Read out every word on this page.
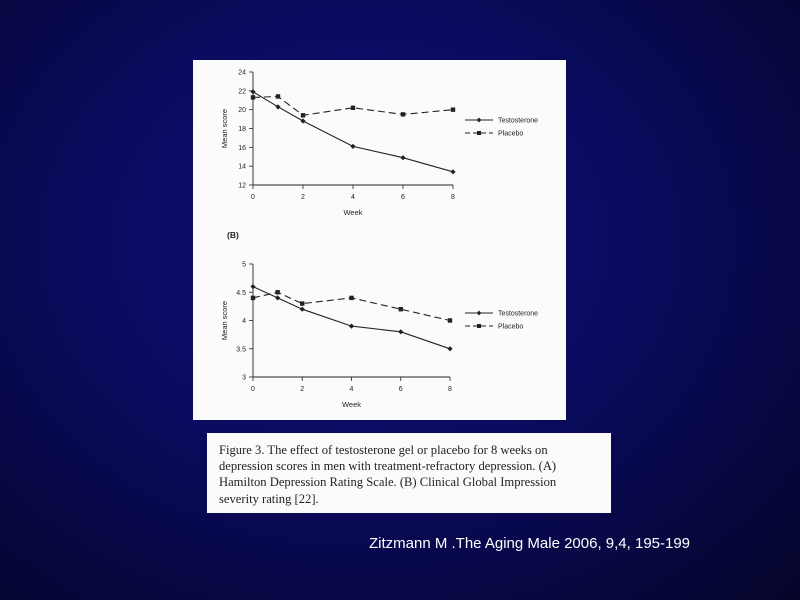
12
14
16
18
20
22
24
0	2	4	6	8
Week
Mean score	Testosterone
Placebo
(B)
3
3.5
4
4.5
5
0	2	4	6	8
Week
Mean score	Testosterone
Placebo

Figure 3. The effect of testosterone gel or placebo for 8 weeks on depression scores in men with treatment-refractory depression. (A) Hamilton Depression Rating Scale. (B) Clinical Global Impression severity rating [22].

Zitzmann M .The Aging Male 2006, 9,4, 195-199
